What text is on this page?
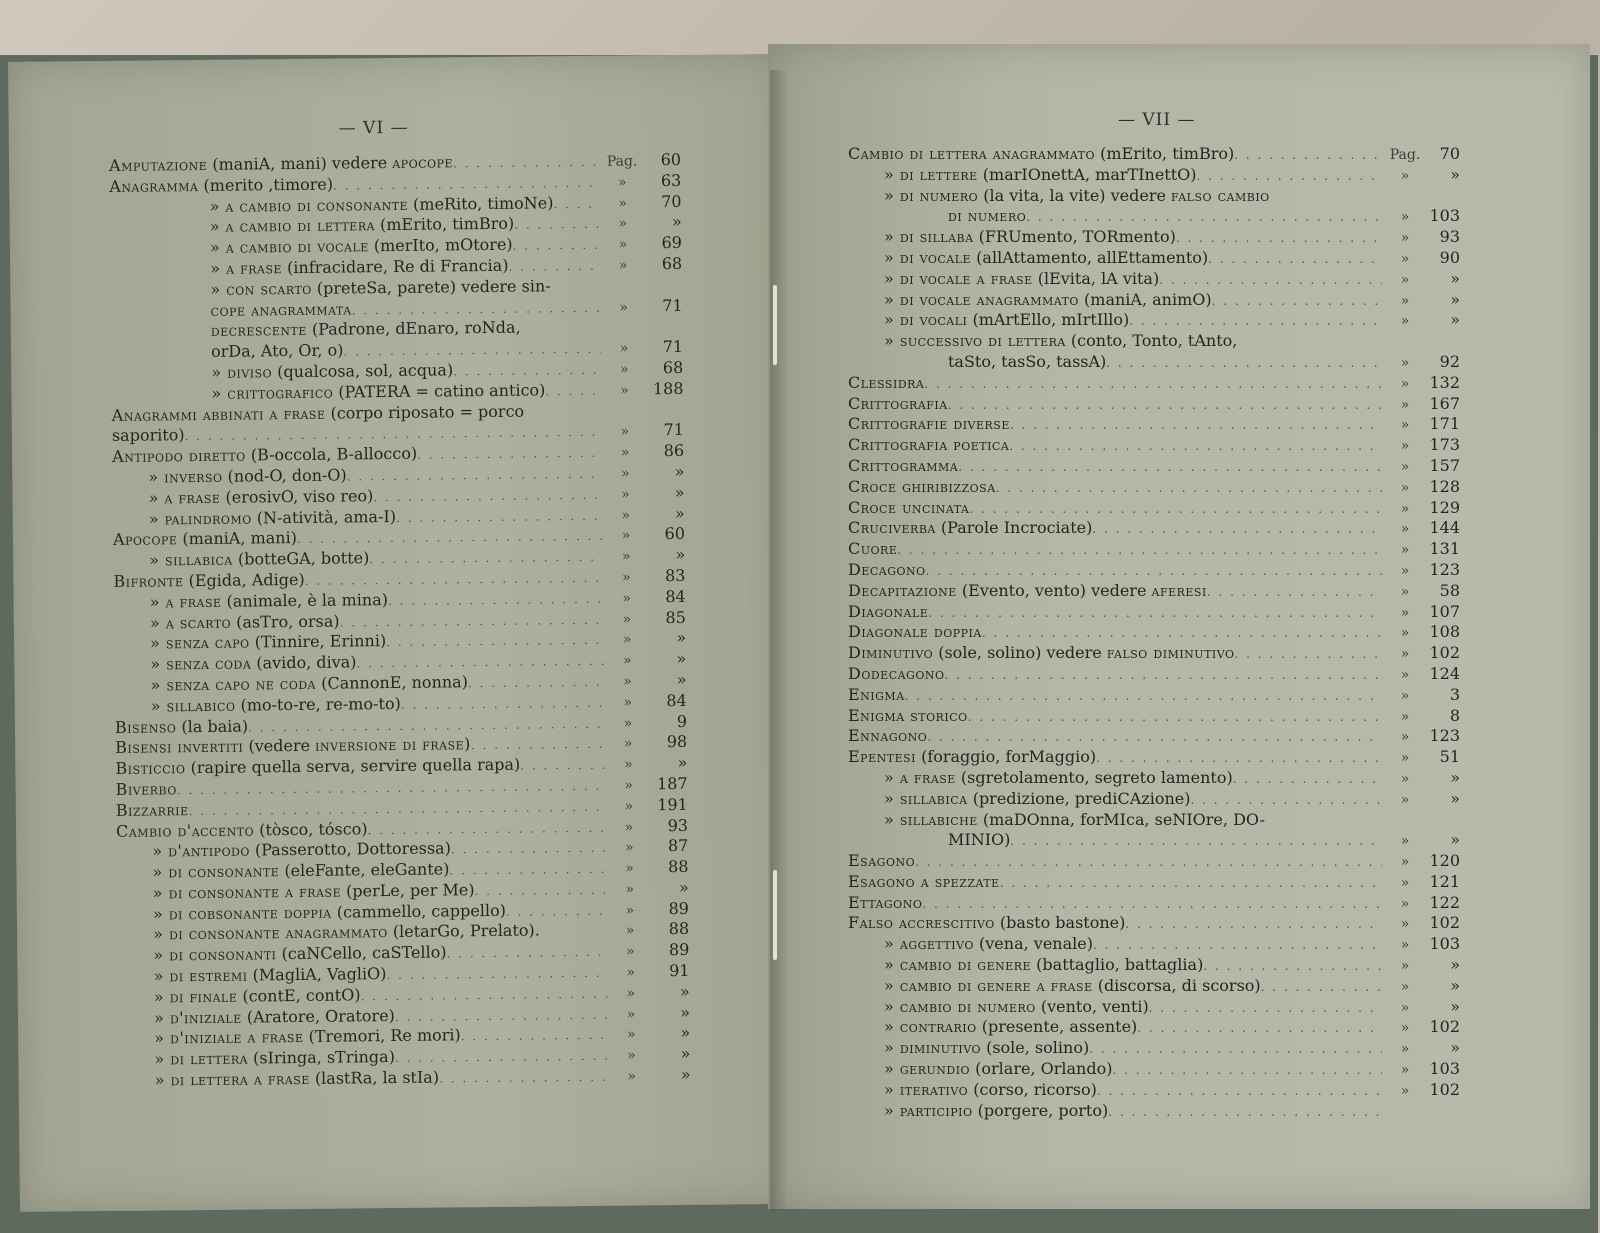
— VI —
Amputazione (maniA, mani) vedere apocope . . .	Pag.	60
Anagramma (merito ,timore) . . .	»	63
» a cambio di consonante (meRito, timoNe) . . .	»	70
» a cambio di lettera (mErito, timBro) . . .	»	»
» a cambio di vocale (merIto, mOtore) . . .	»	69
» a frase (infracidare, Re di Francia) . . .	»	68
» con scarto (preteSa, parete) vedere sin-
cope anagrammata . . .	»	71
decrescente (Padrone, dEnaro, roNda,
orDa, Ato, Or, o) . . .	»	71
» diviso (qualcosa, sol, acqua) . . .	»	68
» crittografico (PATERA = catino antico) . . .	»	188
Anagrammi abbinati a frase (corpo riposato = porco
saporito) . . .	»	71
Antipodo diretto (B-occola, B-allocco) . . .	»	86
» inverso (nod-O, don-O) . . .	»	»
» a frase (erosivO, viso reo) . . .	»	»
» palindromo (N-atività, ama-I) . . .	»	»
Apocope (maniA, mani) . . .	»	60
» sillabica (botteGA, botte) . . .	»	»
Bifronte (Egida, Adige) . . .	»	83
» a frase (animale, è la mina) . . .	»	84
» a scarto (asTro, orsa) . . .	»	85
» senza capo (Tinnire, Erinni) . . .	»	»
» senza coda (avido, diva) . . .	»	»
» senza capo ne coda (CannonE, nonna) . . .	»	»
» sillabico (mo-to-re, re-mo-to) . . .	»	84
Bisenso (la baia) . . .	»	9
Bisensi invertiti (vedere inversione di frase) . . .	»	98
Bisticcio (rapire quella serva, servire quella rapa) . . .	»	»
Biverbo . . .	»	187
Bizzarrie . . .	»	191
Cambio d'accento (tòsco, tósco) . . .	»	93
» d'antipodo (Passerotto, Dottoressa) . . .	»	87
» di consonante (eleFante, eleGante) . . .	»	88
» di consonante a frase (perLe, per Me) . . .	»	»
» di cobsonante doppia (cammello, cappello) . . .	»	89
» di consonante anagrammato (letarGo, Prelato).	»	88
» di consonanti (caNCello, caSTello) . . .	»	89
» di estremi (MagliA, VagliO) . . .	»	91
» di finale (contE, contO) . . .	»	»
» d'iniziale (Aratore, Oratore) . . .	»	»
» d'iniziale a frase (Tremori, Re mori) . . .	»	»
» di lettera (sIringa, sTringa) . . .	»	»
» di lettera a frase (lastRa, la stIa) . . .	»	»
— VII —
Cambio di lettera anagrammato (mErito, timBro) . . .	Pag.	70
» di lettere (marIOnettA, marTInettO) . . .	»	»
» di numero (la vita, la vite) vedere falso cambio
di numero . . .	»	103
» di sillaba (FRUmento, TORmento) . . .	»	93
» di vocale (allAttamento, allEttamento) . . .	»	90
» di vocale a frase (lEvita, lA vita) . . .	»	»
» di vocale anagrammato (maniA, animO) . . .	»	»
» di vocali (mArtEllo, mIrtIllo) . . .	»	»
» successivo di lettera (conto, Tonto, tAnto,
taSto, tasSo, tassA) . . .	»	92
Clessidra . . .	»	132
Crittografia . . .	»	167
Crittografie diverse . . .	»	171
Crittografia poetica . . .	»	173
Crittogramma . . .	»	157
Croce ghiribizzosa . . .	»	128
Croce uncinata . . .	»	129
Cruciverba (Parole Incrociate) . . .	»	144
Cuore . . .	»	131
Decagono . . .	»	123
Decapitazione (Evento, vento) vedere aferesi . . .	»	58
Diagonale . . .	»	107
Diagonale doppia . . .	»	108
Diminutivo (sole, solino) vedere falso diminutivo . . .	»	102
Dodecagono . . .	»	124
Enigma . . .	»	3
Enigma storico . . .	»	8
Ennagono . . .	»	123
Epentesi (foraggio, forMaggio) . . .	»	51
» a frase (sgretolamento, segreto lamento) . . .	»	»
» sillabica (predizione, prediCAzione) . . .	»	»
» sillabiche (maDOnna, forMIca, seNIOre, DO-
MINIO) . . .	»	»
Esagono . . .	»	120
Esagono a spezzate . . .	»	121
Ettagono . . .	»	122
Falso accrescitivo (basto bastone) . . .	»	102
» aggettivo (vena, venale) . . .	»	103
» cambio di genere (battaglio, battaglia) . . .	»	»
» cambio di genere a frase (discorsa, di scorso) . . .	»	»
» cambio di numero (vento, venti) . . .	»	»
» contrario (presente, assente) . . .	»	102
» diminutivo (sole, solino) . . .	»	»
» gerundio (orlare, Orlando) . . .	»	103
» iterativo (corso, ricorso) . . .	»	102
» participio (porgere, porto)
. . .
